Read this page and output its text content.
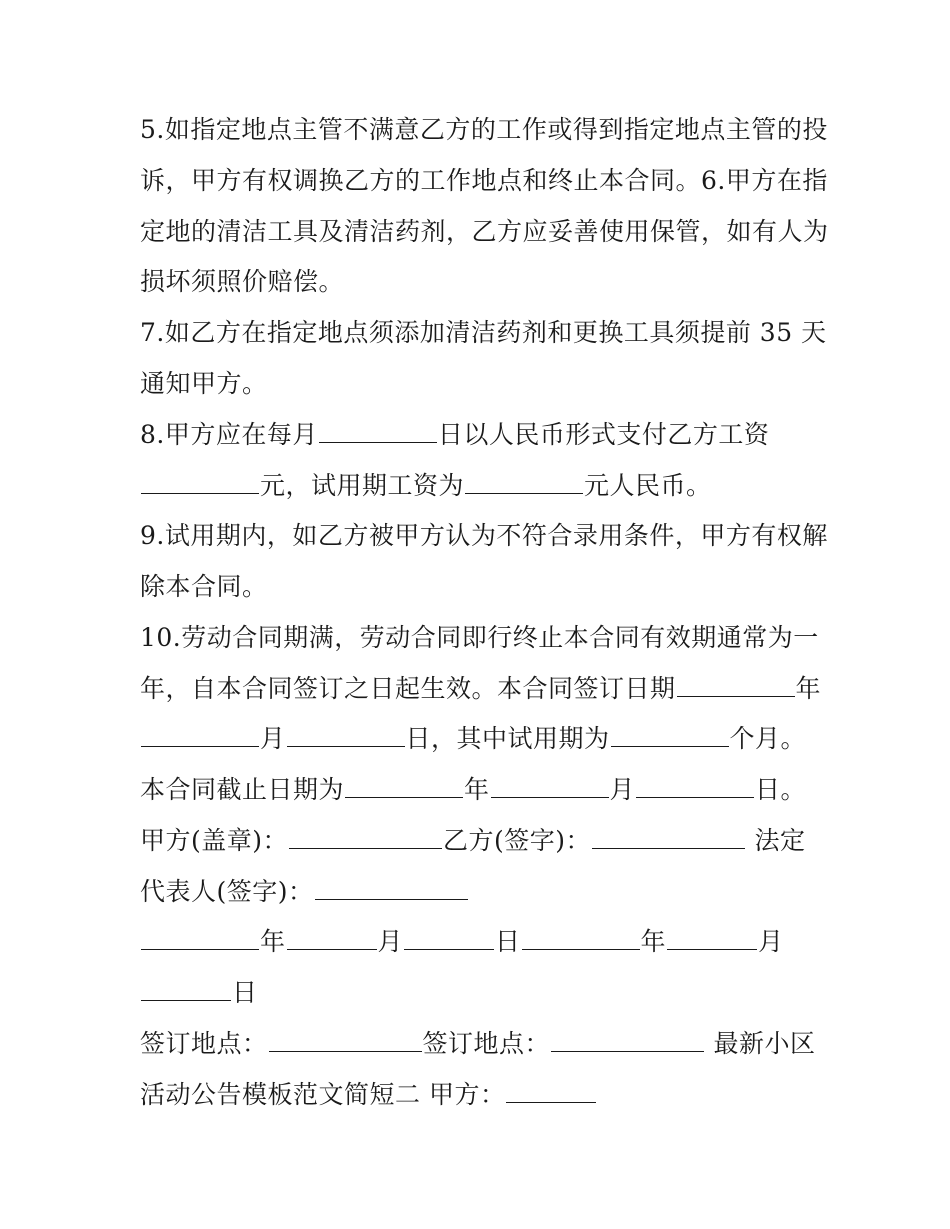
5.如指定地点主管不满意乙方的工作或得到指定地点主管的投
诉，甲方有权调换乙方的工作地点和终止本合同。6.甲方在指
定地的清洁工具及清洁药剂，乙方应妥善使用保管，如有人为
损坏须照价赔偿。
7.如乙方在指定地点须添加清洁药剂和更换工具须提前 35 天
通知甲方。
8.甲方应在每月	日以人民币形式支付乙方工资
元，试用期工资为	元人民币。
9.试用期内，如乙方被甲方认为不符合录用条件，甲方有权解
除本合同。
10.劳动合同期满，劳动合同即行终止本合同有效期通常为一
年，自本合同签订之日起生效。本合同签订日期	年
月	日，其中试用期为	个月。
本合同截止日期为	年	月	日。
甲方(盖章)：	乙方(签字)：	法定
代表人(签字)：
年	月	日	年	月
日
签订地点：	签订地点：	最新小区
活动公告模板范文简短二 甲方：
